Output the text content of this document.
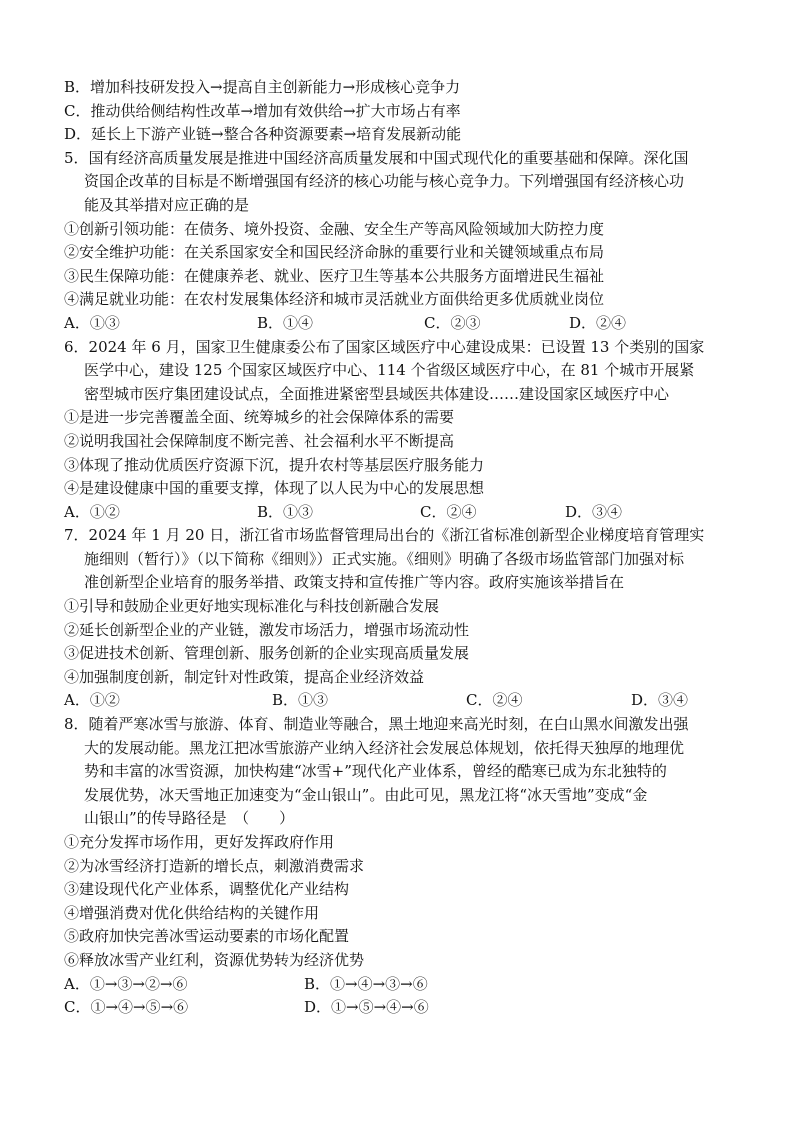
B．增加科技研发投入→提高自主创新能力→形成核心竞争力
C．推动供给侧结构性改革→增加有效供给→扩大市场占有率
D．延长上下游产业链→整合各种资源要素→培育发展新动能
5．国有经济高质量发展是推进中国经济高质量发展和中国式现代化的重要基础和保障。深化国
资国企改革的目标是不断增强国有经济的核心功能与核心竞争力。下列增强国有经济核心功
能及其举措对应正确的是
①创新引领功能：在债务、境外投资、金融、安全生产等高风险领域加大防控力度
②安全维护功能：在关系国家安全和国民经济命脉的重要行业和关键领域重点布局
③民生保障功能：在健康养老、就业、医疗卫生等基本公共服务方面增进民生福祉
④满足就业功能：在农村发展集体经济和城市灵活就业方面供给更多优质就业岗位
A．①③	B．①④	C．②③	D．②④
6．2024 年 6 月，国家卫生健康委公布了国家区域医疗中心建设成果：已设置 13 个类别的国家
医学中心，建设 125 个国家区域医疗中心、114 个省级区域医疗中心，在 81 个城市开展紧
密型城市医疗集团建设试点，全面推进紧密型县域医共体建设……建设国家区域医疗中心
①是进一步完善覆盖全面、统筹城乡的社会保障体系的需要
②说明我国社会保障制度不断完善、社会福利水平不断提高
③体现了推动优质医疗资源下沉，提升农村等基层医疗服务能力
④是建设健康中国的重要支撑，体现了以人民为中心的发展思想
A．①②	B．①③	C．②④	D．③④
7．2024 年 1 月 20 日，浙江省市场监督管理局出台的《浙江省标准创新型企业梯度培育管理实
施细则（暂行）》（以下简称《细则》）正式实施。《细则》明确了各级市场监管部门加强对标
准创新型企业培育的服务举措、政策支持和宣传推广等内容。政府实施该举措旨在
①引导和鼓励企业更好地实现标准化与科技创新融合发展
②延长创新型企业的产业链，激发市场活力，增强市场流动性
③促进技术创新、管理创新、服务创新的企业实现高质量发展
④加强制度创新，制定针对性政策，提高企业经济效益
A．①②	B．①③	C．②④	D．③④
8．随着严寒冰雪与旅游、体育、制造业等融合，黑土地迎来高光时刻，在白山黑水间激发出强
大的发展动能。黑龙江把冰雪旅游产业纳入经济社会发展总体规划，依托得天独厚的地理优
势和丰富的冰雪资源，加快构建“冰雪+”现代化产业体系，曾经的酷寒已成为东北独特的
发展优势，冰天雪地正加速变为“金山银山”。由此可见，黑龙江将“冰天雪地”变成“金
山银山”的传导路径是　（　　）
①充分发挥市场作用，更好发挥政府作用
②为冰雪经济打造新的增长点，刺激消费需求
③建设现代化产业体系，调整优化产业结构
④增强消费对优化供给结构的关键作用
⑤政府加快完善冰雪运动要素的市场化配置
⑥释放冰雪产业红利，资源优势转为经济优势
A．①→③→②→⑥	B．①→④→③→⑥
C．①→④→⑤→⑥	D．①→⑤→④→⑥
